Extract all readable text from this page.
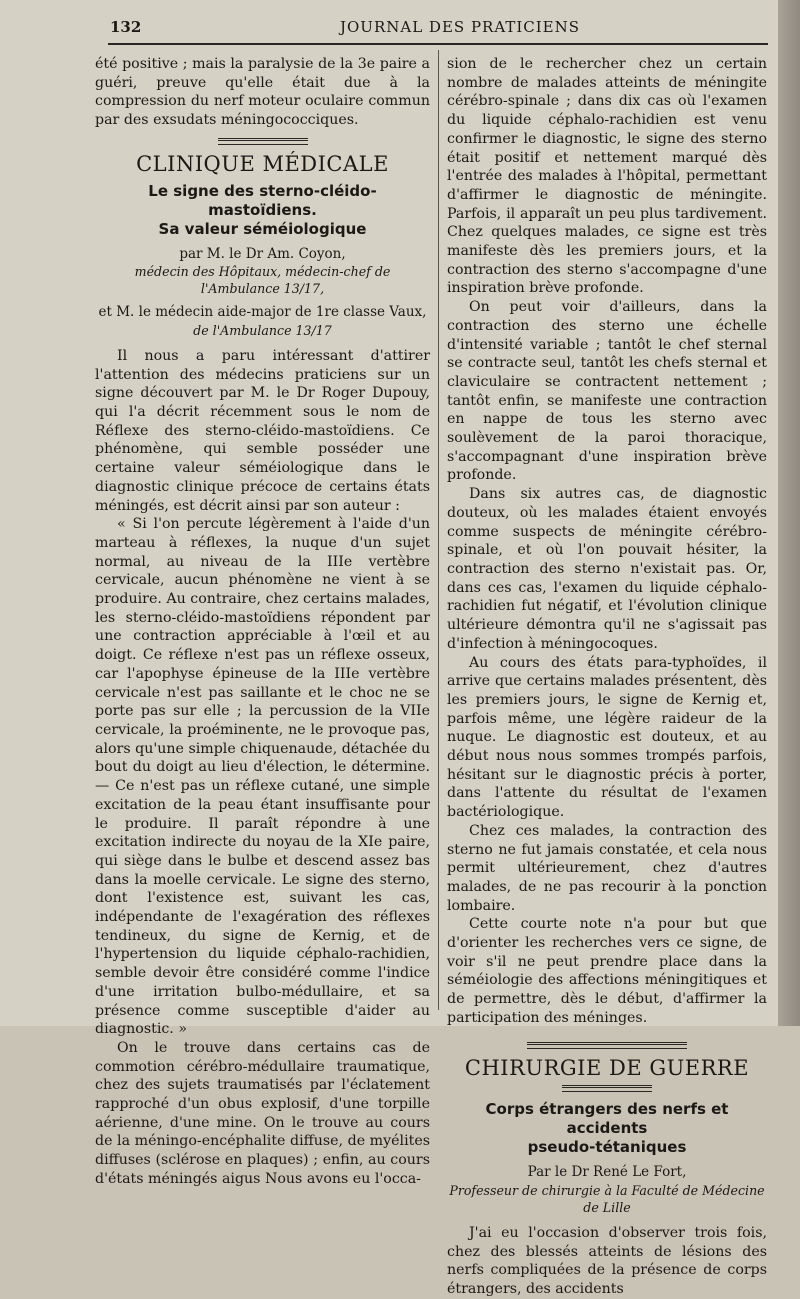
132	JOURNAL DES PRATICIENS

été positive ; mais la paralysie de la 3e paire a guéri, preuve qu'elle était due à la compression du nerf moteur oculaire commun par des exsudats méningococciques.

CLINIQUE MÉDICALE
Le signe des sterno-cléido-mastoïdiens.
Sa valeur séméiologique
par M. le Dr Am. Coyon,
médecin des Hôpitaux, médecin-chef de l'Ambulance 13/17,
et M. le médecin aide-major de 1re classe Vaux,
de l'Ambulance 13/17

Il nous a paru intéressant d'attirer l'attention des médecins praticiens sur un signe découvert par M. le Dr Roger Dupouy, qui l'a décrit récemment sous le nom de Réflexe des sterno-cléido-mastoïdiens. Ce phénomène, qui semble posséder une certaine valeur séméiologique dans le diagnostic clinique précoce de certains états méningés, est décrit ainsi par son auteur :

« Si l'on percute légèrement à l'aide d'un marteau à réflexes, la nuque d'un sujet normal, au niveau de la IIIe vertèbre cervicale, aucun phénomène ne vient à se produire. Au contraire, chez certains malades, les sterno-cléido-mastoïdiens répondent par une contraction appréciable à l'œil et au doigt. Ce réflexe n'est pas un réflexe osseux, car l'apophyse épineuse de la IIIe vertèbre cervicale n'est pas saillante et le choc ne se porte pas sur elle ; la percussion de la VIIe cervicale, la proéminente, ne le provoque pas, alors qu'une simple chiquenaude, détachée du bout du doigt au lieu d'élection, le détermine. — Ce n'est pas un réflexe cutané, une simple excitation de la peau étant insuffisante pour le produire. Il paraît répondre à une excitation indirecte du noyau de la XIe paire, qui siège dans le bulbe et descend assez bas dans la moelle cervicale. Le signe des sterno, dont l'existence est, suivant les cas, indépendante de l'exagération des réflexes tendineux, du signe de Kernig, et de l'hypertension du liquide céphalo-rachidien, semble devoir être considéré comme l'indice d'une irritation bulbo-médullaire, et sa présence comme susceptible d'aider au diagnostic. »

On le trouve dans certains cas de commotion cérébro-médullaire traumatique, chez des sujets traumatisés par l'éclatement rapproché d'un obus explosif, d'une torpille aérienne, d'une mine. On le trouve au cours de la méningo-encéphalite diffuse, de myélites diffuses (sclérose en plaques) ; enfin, au cours d'états méningés aigus Nous avons eu l'occa-

sion de le rechercher chez un certain nombre de malades atteints de méningite cérébro-spinale ; dans dix cas où l'examen du liquide céphalo-rachidien est venu confirmer le diagnostic, le signe des sterno était positif et nettement marqué dès l'entrée des malades à l'hôpital, permettant d'affirmer le diagnostic de méningite. Parfois, il apparaît un peu plus tardivement. Chez quelques malades, ce signe est très manifeste dès les premiers jours, et la contraction des sterno s'accompagne d'une inspiration brève profonde.

On peut voir d'ailleurs, dans la contraction des sterno une échelle d'intensité variable ; tantôt le chef sternal se contracte seul, tantôt les chefs sternal et claviculaire se contractent nettement ; tantôt enfin, se manifeste une contraction en nappe de tous les sterno avec soulèvement de la paroi thoracique, s'accompagnant d'une inspiration brève profonde.

Dans six autres cas, de diagnostic douteux, où les malades étaient envoyés comme suspects de méningite cérébro-spinale, et où l'on pouvait hésiter, la contraction des sterno n'existait pas. Or, dans ces cas, l'examen du liquide céphalo-rachidien fut négatif, et l'évolution clinique ultérieure démontra qu'il ne s'agissait pas d'infection à méningocoques.

Au cours des états para-typhoïdes, il arrive que certains malades présentent, dès les premiers jours, le signe de Kernig et, parfois même, une légère raideur de la nuque. Le diagnostic est douteux, et au début nous nous sommes trompés parfois, hésitant sur le diagnostic précis à porter, dans l'attente du résultat de l'examen bactériologique.

Chez ces malades, la contraction des sterno ne fut jamais constatée, et cela nous permit ultérieurement, chez d'autres malades, de ne pas recourir à la ponction lombaire.

Cette courte note n'a pour but que d'orienter les recherches vers ce signe, de voir s'il ne peut prendre place dans la séméiologie des affections méningitiques et de permettre, dès le début, d'affirmer la participation des méninges.

CHIRURGIE DE GUERRE
Corps étrangers des nerfs et accidents
pseudo-tétaniques
Par le Dr René Le Fort,
Professeur de chirurgie à la Faculté de Médecine de Lille

J'ai eu l'occasion d'observer trois fois, chez des blessés atteints de lésions des nerfs compliquées de la présence de corps étrangers, des accidents
